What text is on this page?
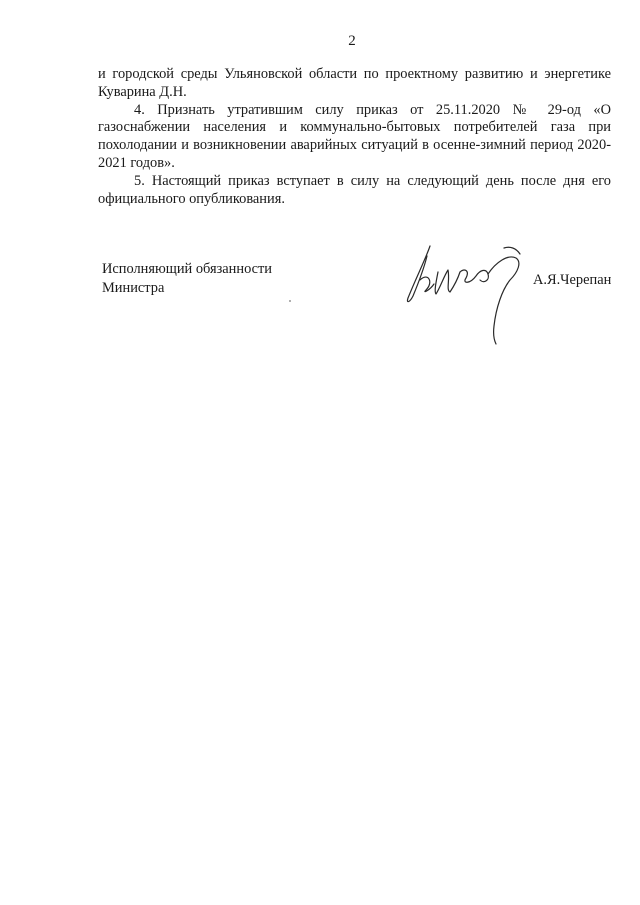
2

и городской среды Ульяновской области по проектному развитию и энергетике Куварина Д.Н.

4. Признать утратившим силу приказ от 25.11.2020 № 29-од «О газоснабжении населения и коммунально-бытовых потребителей газа при похолодании и возникновении аварийных ситуаций в осенне-зимний период 2020-2021 годов».

5. Настоящий приказ вступает в силу на следующий день после дня его официального опубликования.

Исполняющий обязанности
Министра	А.Я.Черепан
